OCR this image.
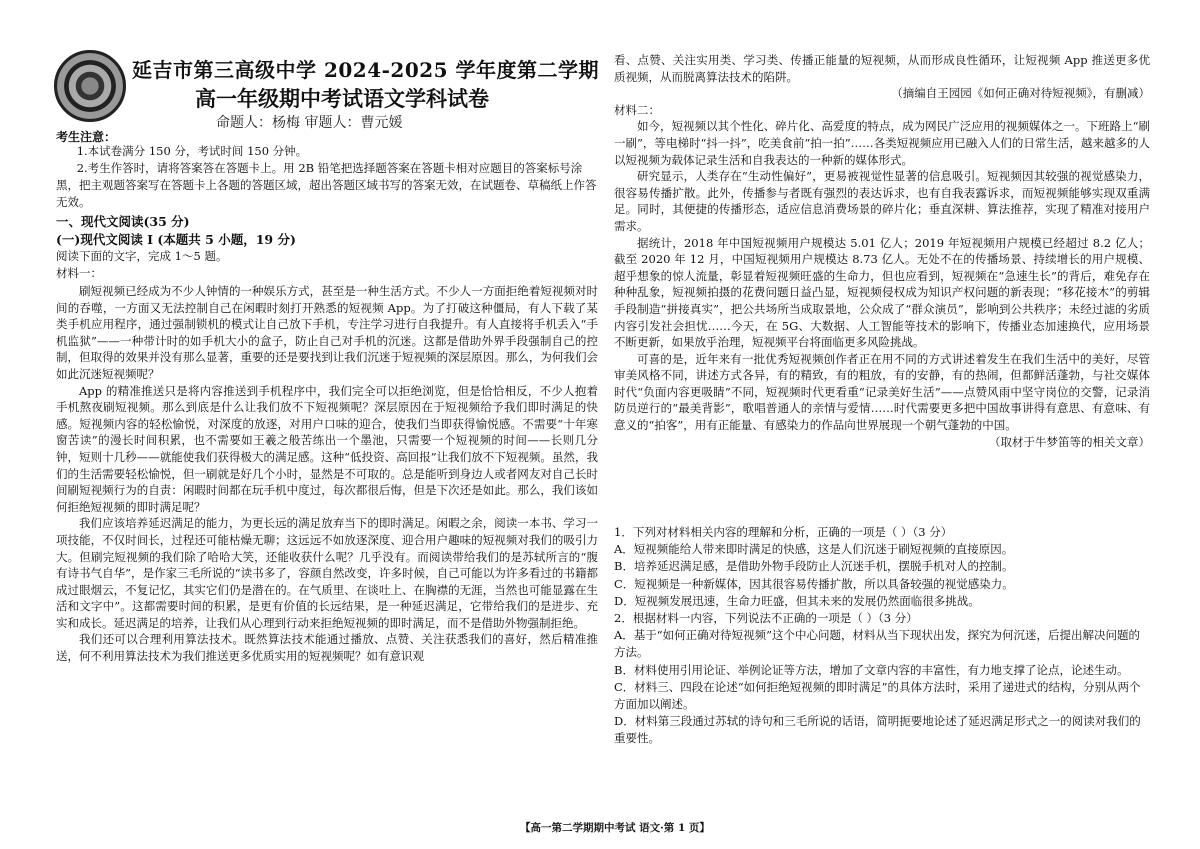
延吉市第三高级中学 2024-2025 学年度第二学期
高一年级期中考试语文学科试卷
命题人：杨梅 审题人：曹元媛
考生注意：

1.本试卷满分 150 分，考试时间 150 分钟。

2.考生作答时，请将答案答在答题卡上。用 2B 铅笔把选择题答案在答题卡相对应题目的答案标号涂黑，把主观题答案写在答题卡上各题的答题区域，超出答题区域书写的答案无效，在试题卷、草稿纸上作答无效。

一、现代文阅读(35 分)
(一)现代文阅读 I (本题共 5 小题，19 分)
阅读下面的文字，完成 1～5 题。
材料一：

刷短视频已经成为不少人钟情的一种娱乐方式，甚至是一种生活方式。不少人一方面拒绝着短视频对时间的吞噬，一方面又无法控制自己在闲暇时刻打开熟悉的短视频 App。为了打破这种僵局，有人下载了某类手机应用程序，通过强制锁机的模式让自己放下手机，专注学习进行自我提升。有人直接将手机丢入“手机监狱”——一种带计时的如手机大小的盒子，防止自己对手机的沉迷。这都是借助外界手段强制自己的控制，但取得的效果并没有那么显著，重要的还是要找到让我们沉迷于短视频的深层原因。那么，为何我们会如此沉迷短视频呢？

App 的精准推送只是将内容推送到手机程序中，我们完全可以拒绝浏览，但是恰恰相反，不少人抱着手机熬夜刷短视频。那么到底是什么让我们放不下短视频呢？深层原因在于短视频给予我们即时满足的快感。短视频内容的轻松愉悦，对深度的放逐，对用户口味的迎合，使我们当即获得愉悦感。不需要“十年寒窗苦读”的漫长时间积累，也不需要如王羲之般苦练出一个墨池，只需要一个短视频的时间——长则几分钟，短则十几秒——就能使我们获得极大的满足感。这种“低投资、高回报”让我们放不下短视频。虽然，我们的生活需要轻松愉悦，但一刷就是好几个小时，显然是不可取的。总是能听到身边人或者网友对自己长时间刷短视频行为的自责：闲暇时间都在玩手机中度过，每次都很后悔，但是下次还是如此。那么，我们该如何拒绝短视频的即时满足呢？

我们应该培养延迟满足的能力，为更长远的满足放弃当下的即时满足。闲暇之余，阅读一本书、学习一项技能，不仅时间长，过程还可能枯燥无聊；这远远不如放逐深度、迎合用户趣味的短视频对我们的吸引力大。但刷完短视频的我们除了哈哈大笑，还能收获什么呢？几乎没有。而阅读带给我们的是苏轼所言的“腹有诗书气自华”，是作家三毛所说的“读书多了，容颜自然改变，许多时候，自己可能以为许多看过的书籍都成过眼烟云，不复记忆，其实它们仍是潜在的。在气质里、在谈吐上、在胸襟的无涯，当然也可能显露在生活和文字中”。这都需要时间的积累，是更有价值的长远结果，是一种延迟满足，它带给我们的是进步、充实和成长。延迟满足的培养，让我们从心理到行动来拒绝短视频的即时满足，而不是借助外物强制拒绝。

我们还可以合理利用算法技术。既然算法技术能通过播放、点赞、关注获悉我们的喜好，然后精准推送，何不利用算法技术为我们推送更多优质实用的短视频呢？如有意识观

看、点赞、关注实用类、学习类、传播正能量的短视频，从而形成良性循环，让短视频 App 推送更多优质视频，从而脱离算法技术的陷阱。

（摘编自王园园《如何正确对待短视频》，有删减）

材料二：

如今，短视频以其个性化、碎片化、高爱度的特点，成为网民广泛应用的视频媒体之一。下班路上“刷一刷”，等电梯时“抖一抖”，吃美食前“拍一拍”……各类短视频应用已融入人们的日常生活，越来越多的人以短视频为载体记录生活和自我表达的一种新的媒体形式。

研究显示，人类存在“生动性偏好”，更易被视觉性显著的信息吸引。短视频因其较强的视觉感染力，很容易传播扩散。此外，传播参与者既有强烈的表达诉求，也有自我表露诉求，而短视频能够实现双重满足。同时，其便捷的传播形态，适应信息消费场景的碎片化；垂直深耕、算法推荐，实现了精准对接用户需求。

据统计，2018 年中国短视频用户规模达 5.01 亿人；2019 年短视频用户规模已经超过 8.2 亿人；截至 2020 年 12 月，中国短视频用户规模达 8.73 亿人。无处不在的传播场景、持续增长的用户规模、超乎想象的惊人流量，彰显着短视频旺盛的生命力，但也应看到，短视频在“急速生长”的背后，难免存在种种乱象，短视频拍摄的花费问题日益凸显，短视频侵权成为知识产权问题的新表现；“移花接木”的剪辑手段制造“拼接真实”，把公共场所当成取景地，公众成了“群众演员”，影响到公共秩序；未经过滤的劣质内容引发社会担忧……今天，在 5G、大数据、人工智能等技术的影响下，传播业态加速换代，应用场景不断更新，如果放乎治理，短视频平台将面临更多风险挑战。

可喜的是，近年来有一批优秀短视频创作者正在用不同的方式讲述着发生在我们生活中的美好，尽管审美风格不同，讲述方式各异，有的精致，有的粗放，有的安静，有的热闹，但都鲜活蓬勃，与社交媒体时代“负面内容更吸睛”不同，短视频时代更看重“记录美好生活”——点赞风雨中坚守岗位的交警，记录消防员逆行的“最美背影”，歌唱普通人的亲情与爱情……时代需要更多把中国故事讲得有意思、有意味、有意义的“拍客”，用有正能量、有感染力的作品向世界展现一个朝气蓬勃的中国。

（取材于牛梦笛等的相关文章）

1．下列对材料相关内容的理解和分析，正确的一项是（ ）（3 分）

A．短视频能给人带来即时满足的快感，这是人们沉迷于刷短视频的直接原因。

B．培养延迟满足感，是借助外物手段防止人沉迷手机，摆脱手机对人的控制。

C．短视频是一种新媒体，因其很容易传播扩散，所以具备较强的视觉感染力。

D．短视频发展迅速，生命力旺盛，但其未来的发展仍然面临很多挑战。

2．根据材料一内容，下列说法不正确的一项是（ ）（3 分）

A．基于“如何正确对待短视频”这个中心问题，材料从当下现状出发，探究为何沉迷，后提出解决问题的方法。

B．材料使用引用论证、举例论证等方法，增加了文章内容的丰富性，有力地支撑了论点，论述生动。

C．材料三、四段在论述“如何拒绝短视频的即时满足”的具体方法时，采用了递进式的结构，分别从两个方面加以阐述。

D．材料第三段通过苏轼的诗句和三毛所说的话语，简明扼要地论述了延迟满足形式之一的阅读对我们的重要性。

【高一第二学期期中考试 语文·第 1 页】
